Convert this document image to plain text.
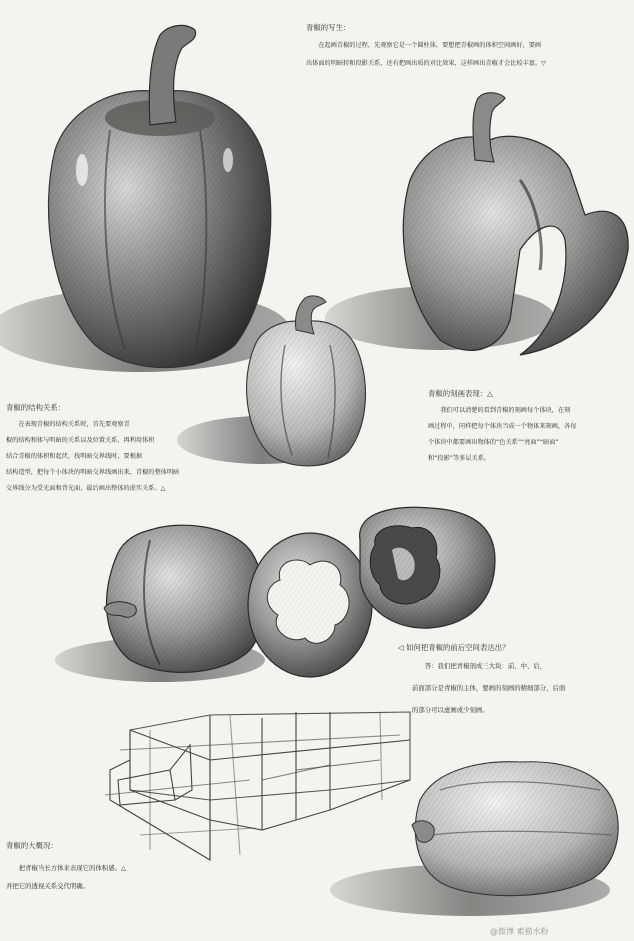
青椒的写生：
　　在起画青椒的过程，先观察它是一个圆柱体，要想把青椒画的体积空间画好，要画
出体面的明暗转和投影关系，还有把画出质的对比效果，这样画出青椒才会比较丰富。▽
青椒的结构关系：
　　在表现青椒的结构关系时，首先要观察青
椒的结构和体与明暗的关系以及位置关系，再利用体积
结合青椒的体积和起伏，找明暗交界线时，要根据
结构造型，把每个小体块的明暗交界线画出来，青椒的整体明暗
交界线分为受光面和背光面，最后画出整体的虚实关系。△
青椒的刻画表现：△
　　我们可以清楚的看到青椒的刻画每个体块，在刻
画过程中，同样把每个体块当成一个物体来刻画，各每
个体块中都要画出物体的“色关系”“亮面”“暗面”
和“投影”等多层关系。
◁ 如何把青椒的前后空间表达出？
　　答：我们把青椒剖成三大块：前、中、后，
前面部分是青椒的主体，要画的刻画的精细部分，后面
的部分可以虚画或少刻画。
青椒的大概况：
　　把青椒当长方体来表现它的体积感。△
并把它的透视关系交代明确。
@微博 素描水粉
